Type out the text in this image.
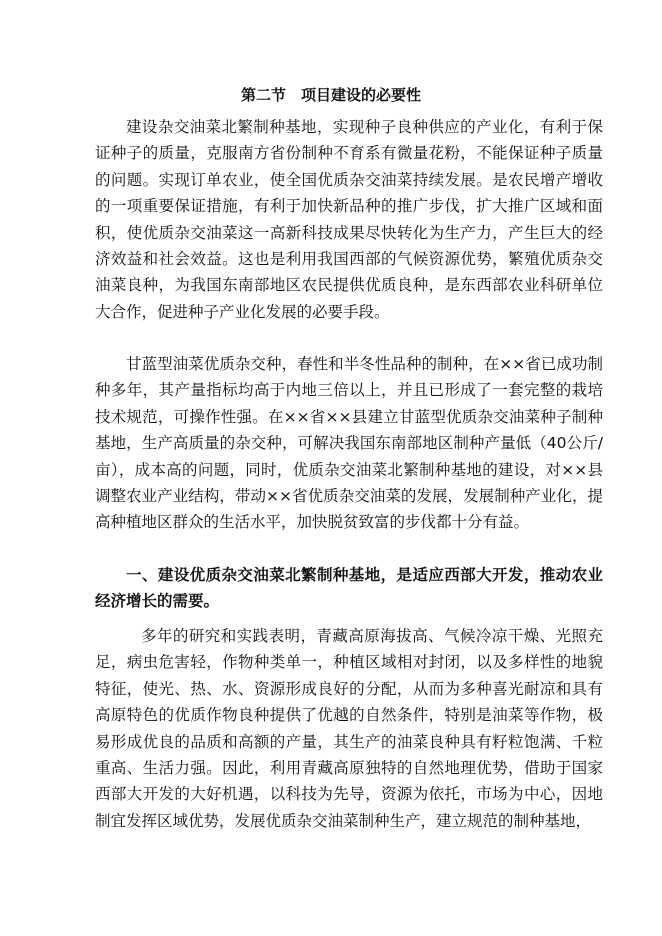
第二节　项目建设的必要性

建设杂交油菜北繁制种基地，实现种子良种供应的产业化，有利于保证种子的质量，克服南方省份制种不育系有微量花粉，不能保证种子质量的问题。实现订单农业，使全国优质杂交油菜持续发展。是农民增产增收的一项重要保证措施，有利于加快新品种的推广步伐，扩大推广区域和面积，使优质杂交油菜这一高新科技成果尽快转化为生产力，产生巨大的经济效益和社会效益。这也是利用我国西部的气候资源优势，繁殖优质杂交油菜良种，为我国东南部地区农民提供优质良种，是东西部农业科研单位大合作，促进种子产业化发展的必要手段。

甘蓝型油菜优质杂交种，春性和半冬性品种的制种，在××省已成功制种多年，其产量指标均高于内地三倍以上，并且已形成了一套完整的栽培技术规范，可操作性强。在××省××县建立甘蓝型优质杂交油菜种子制种基地，生产高质量的杂交种，可解决我国东南部地区制种产量低（40公斤/亩），成本高的问题，同时，优质杂交油菜北繁制种基地的建设，对××县调整农业产业结构，带动××省优质杂交油菜的发展，发展制种产业化，提高种植地区群众的生活水平，加快脱贫致富的步伐都十分有益。

一、建设优质杂交油菜北繁制种基地，是适应西部大开发，推动农业经济增长的需要。

多年的研究和实践表明，青藏高原海拔高、气候冷凉干燥、光照充足，病虫危害轻，作物种类单一，种植区域相对封闭，以及多样性的地貌特征，使光、热、水、资源形成良好的分配，从而为多种喜光耐凉和具有高原特色的优质作物良种提供了优越的自然条件，特别是油菜等作物，极易形成优良的品质和高额的产量，其生产的油菜良种具有籽粒饱满、千粒重高、生活力强。因此，利用青藏高原独特的自然地理优势，借助于国家西部大开发的大好机遇，以科技为先导，资源为依托，市场为中心，因地制宜发挥区域优势，发展优质杂交油菜制种生产，建立规范的制种基地，
